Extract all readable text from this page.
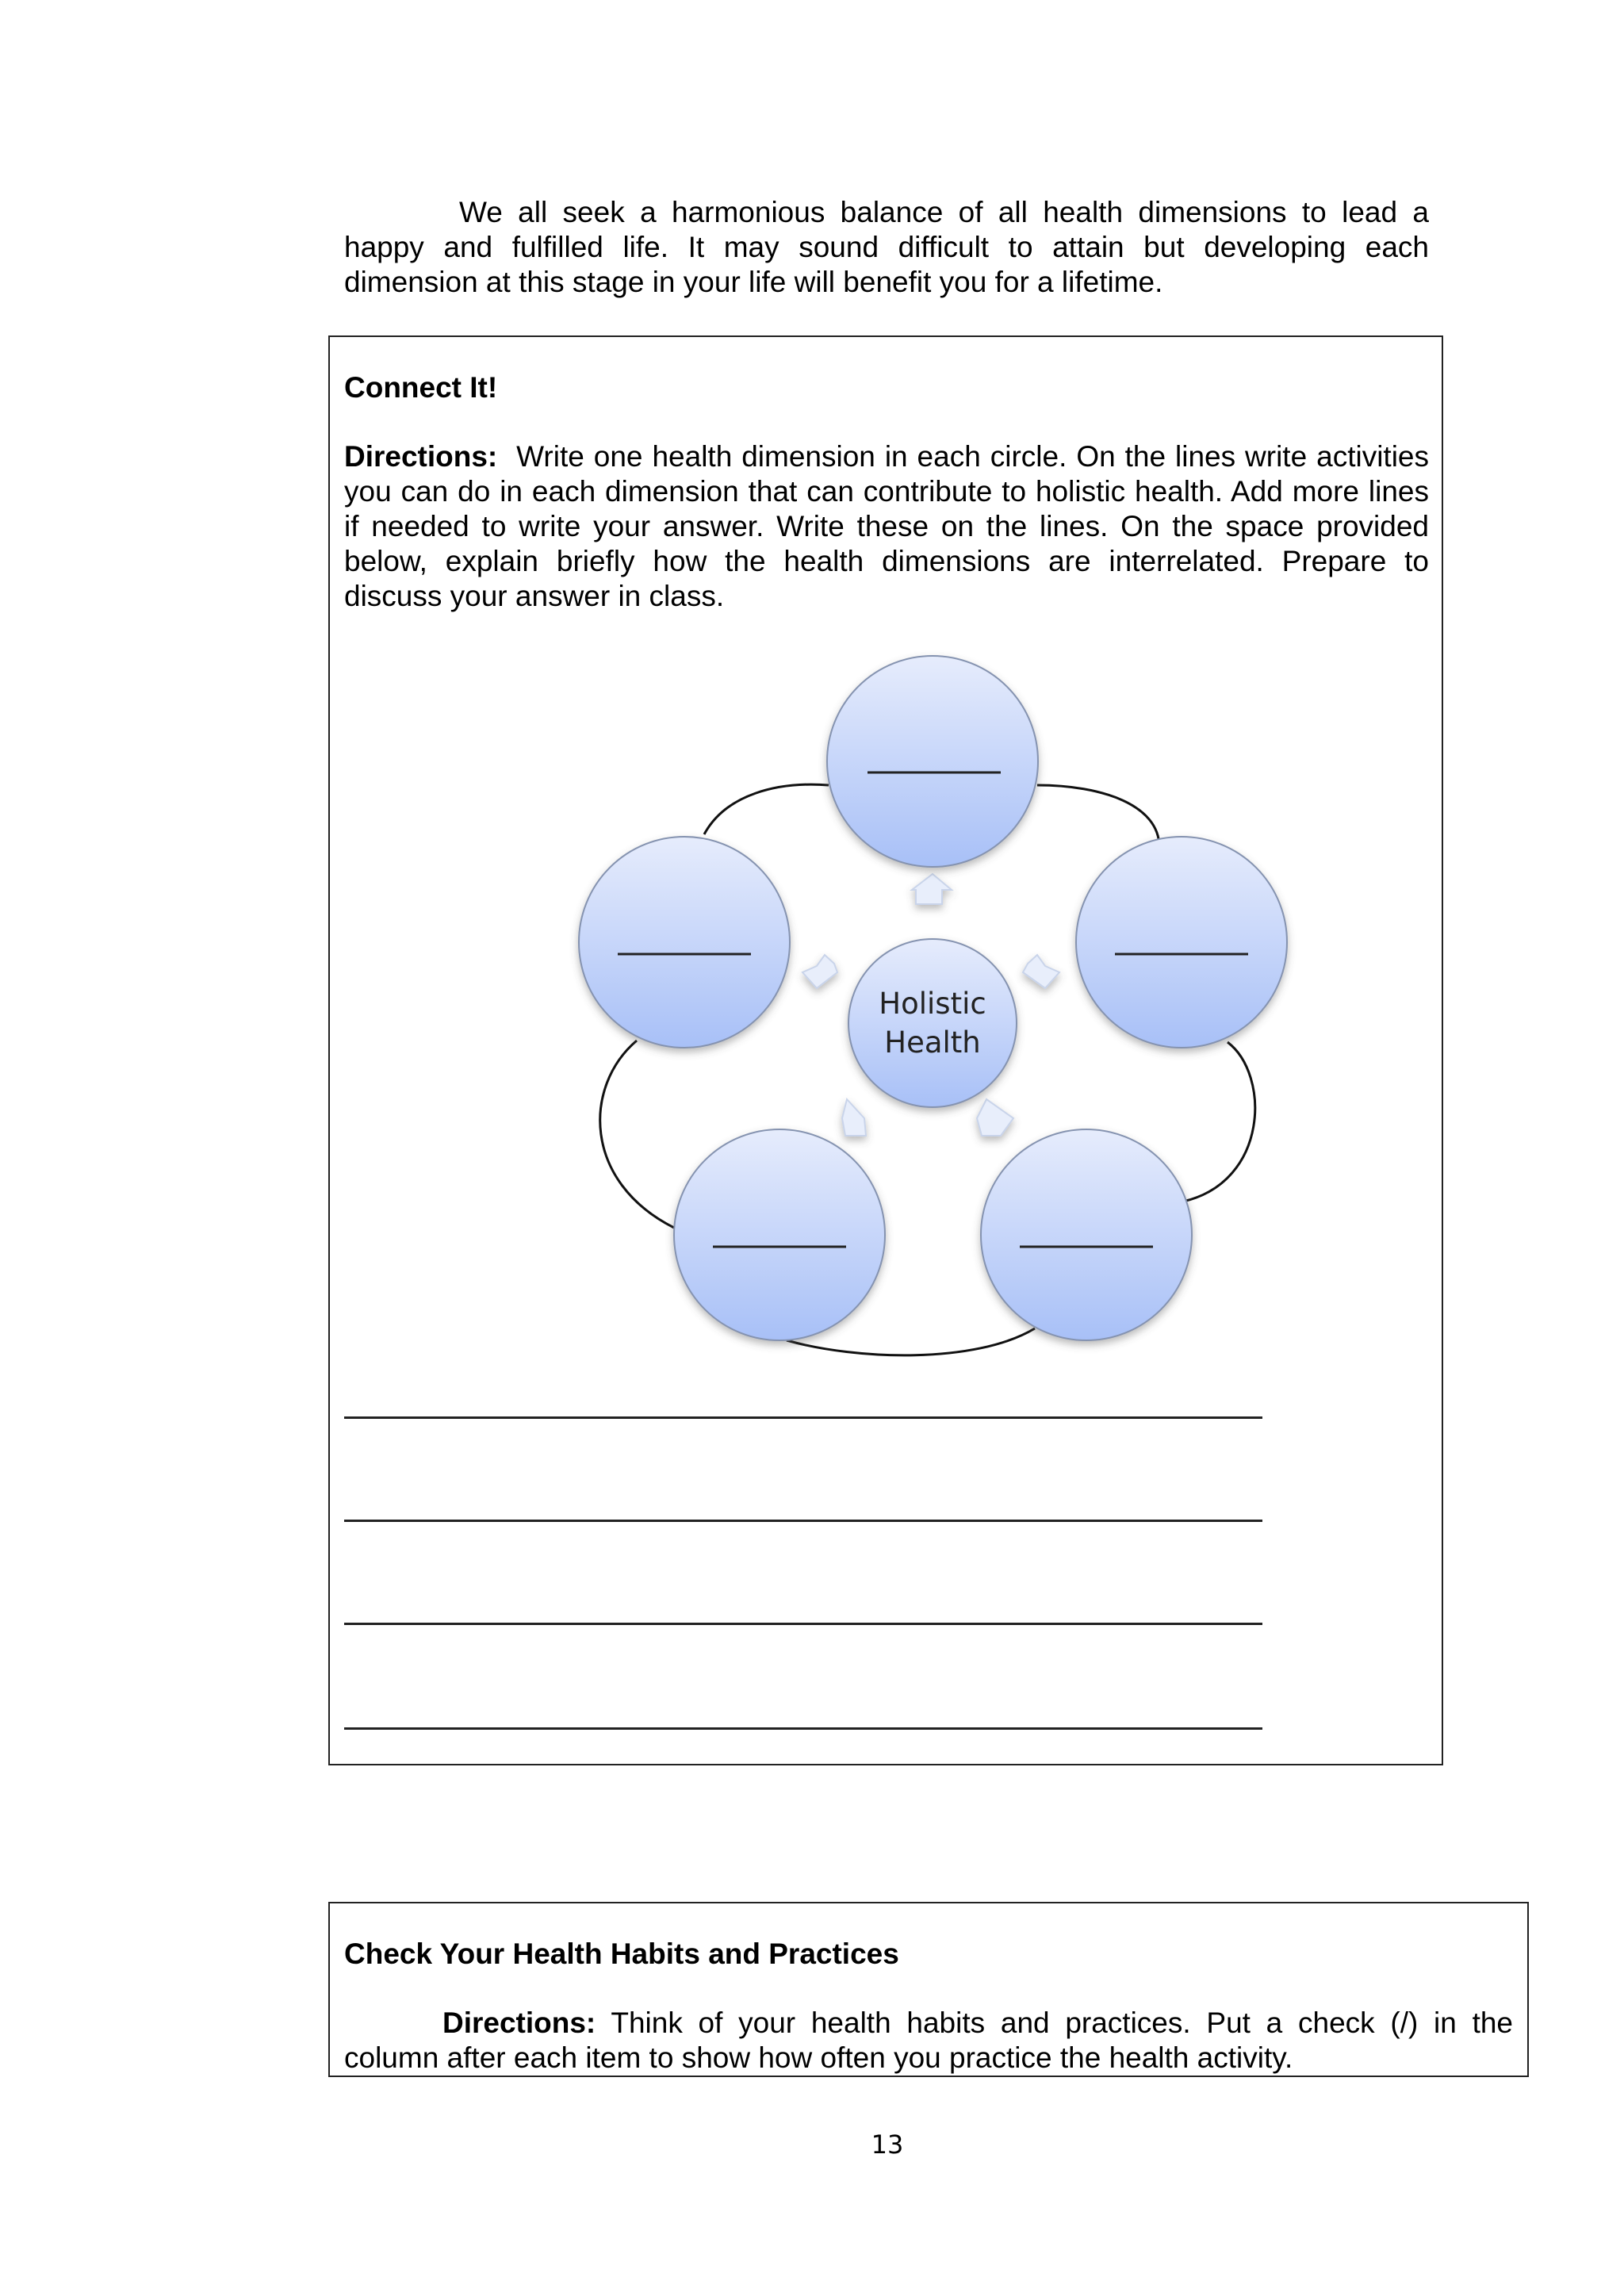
We all seek a harmonious balance of all health dimensions to lead a happy and fulfilled life. It may sound difficult to attain but developing each dimension at this stage in your life will benefit you for a lifetime.

Connect It!

Directions: Write one health dimension in each circle. On the lines write activities you can do in each dimension that can contribute to holistic health. Add more lines if needed to write your answer. Write these on the lines. On the space provided below, explain briefly how the health dimensions are interrelated. Prepare to discuss your answer in class.

Holistic
Health

Check Your Health Habits and Practices

Directions: Think of your health habits and practices. Put a check (/) in the column after each item to show how often you practice the health activity.

13
